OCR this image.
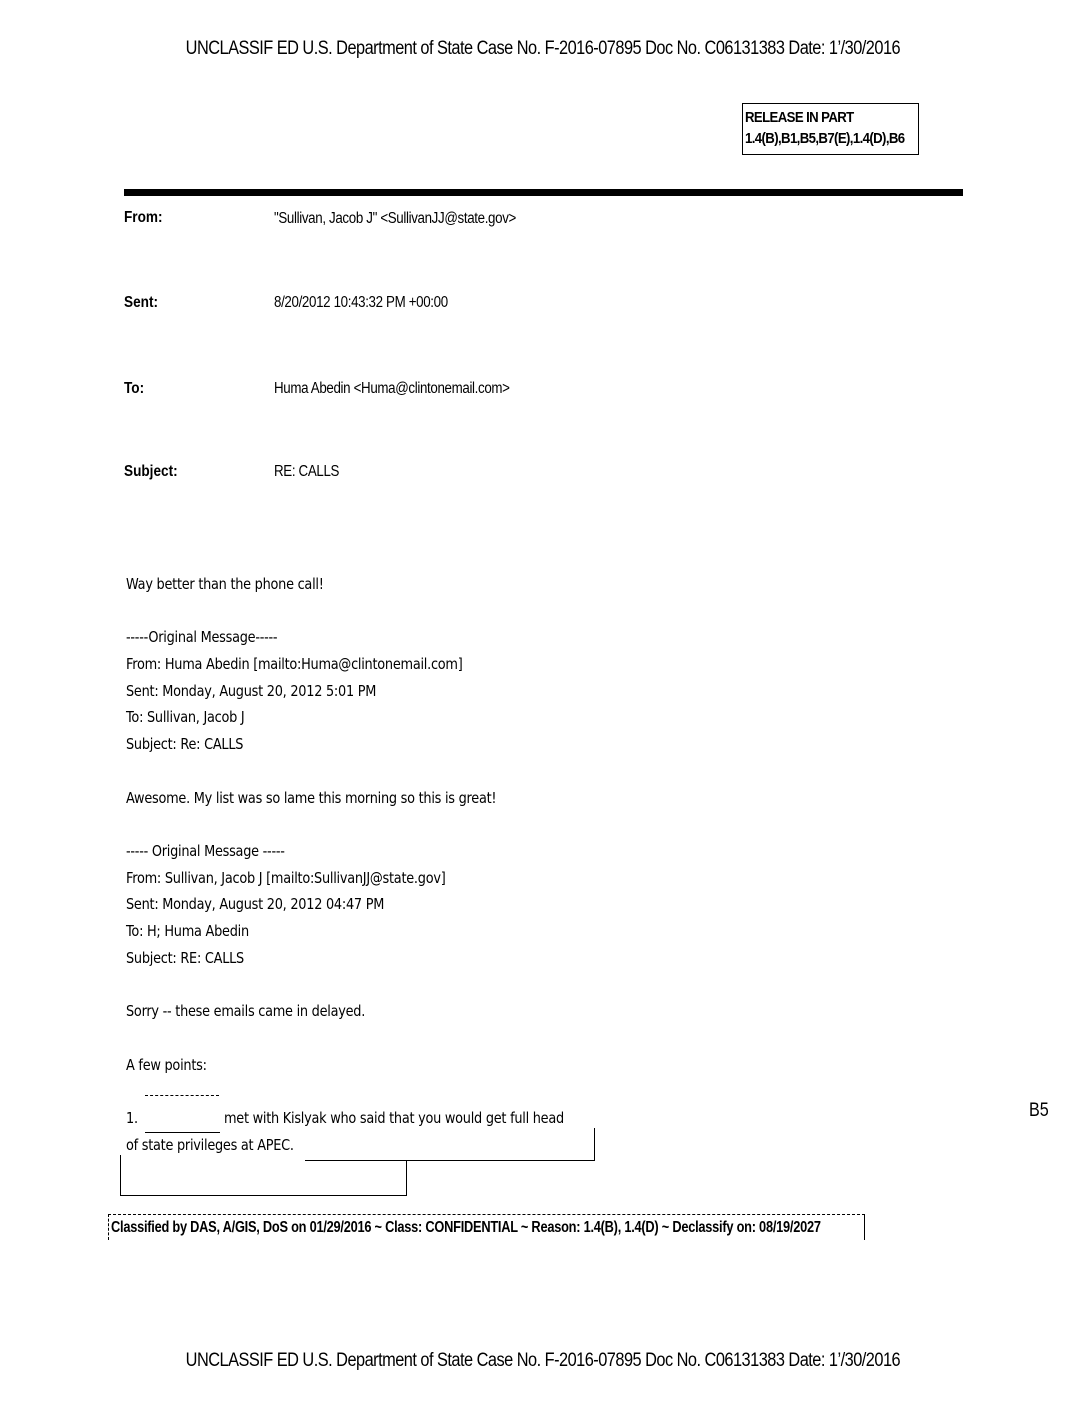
UNCLASSIF ED U.S. Department of State Case No. F-2016-07895 Doc No. C06131383 Date: 1’/30/2016
RELEASE IN PART
1.4(B),B1,B5,B7(E),1.4(D),B6
From:	"Sullivan, Jacob J" <SullivanJJ@state.gov>
Sent:	8/20/2012 10:43:32 PM +00:00
To:	Huma Abedin <Huma@clintonemail.com>
Subject:	RE: CALLS
Way better than the phone call!
-----Original Message-----
From: Huma Abedin [mailto:Huma@clintonemail.com]
Sent: Monday, August 20, 2012 5:01 PM
To: Sullivan, Jacob J
Subject: Re: CALLS
Awesome. My list was so lame this morning so this is great!
----- Original Message -----
From: Sullivan, Jacob J [mailto:SullivanJJ@state.gov]
Sent: Monday, August 20, 2012 04:47 PM
To: H; Huma Abedin
Subject: RE: CALLS
Sorry -- these emails came in delayed.
A few points:
1.	met with Kislyak who said that you would get full head
of state privileges at APEC.
B5
Classified by DAS, A/GIS, DoS on 01/29/2016 ~ Class: CONFIDENTIAL ~ Reason: 1.4(B), 1.4(D) ~ Declassify on: 08/19/2027
UNCLASSIF ED U.S. Department of State Case No. F-2016-07895 Doc No. C06131383 Date: 1’/30/2016
